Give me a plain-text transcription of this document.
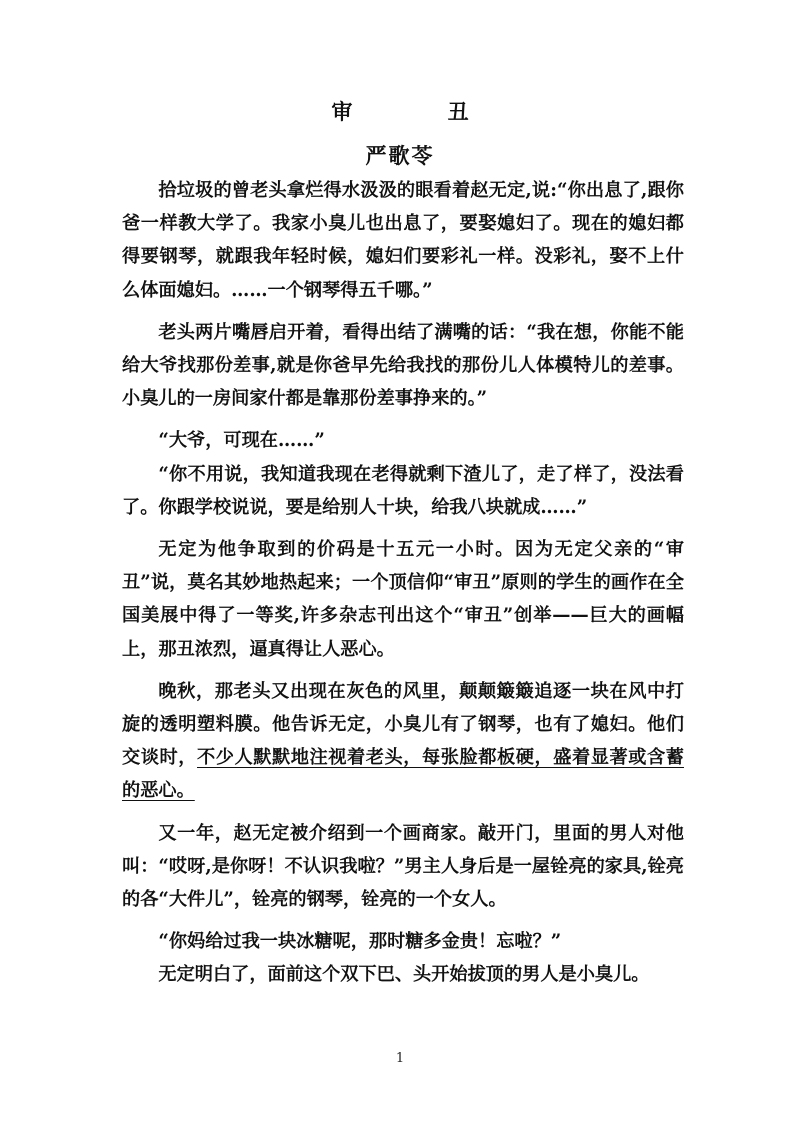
审 丑
严歌苓

拾垃圾的曾老头拿烂得水汲汲的眼看着赵无定,说:“你出息了,跟你爸一样教大学了。我家小臭儿也出息了，要娶媳妇了。现在的媳妇都得要钢琴，就跟我年轻时候，媳妇们要彩礼一样。没彩礼，娶不上什么体面媳妇。……一个钢琴得五千哪。”

老头两片嘴唇启开着，看得出结了满嘴的话：“我在想，你能不能给大爷找那份差事,就是你爸早先给我找的那份儿人体模特儿的差事。小臭儿的一房间家什都是靠那份差事挣来的。”

“大爷，可现在……”

“你不用说，我知道我现在老得就剩下渣儿了，走了样了，没法看了。你跟学校说说，要是给别人十块，给我八块就成……”

无定为他争取到的价码是十五元一小时。因为无定父亲的“审丑”说，莫名其妙地热起来；一个顶信仰“审丑”原则的学生的画作在全国美展中得了一等奖,许多杂志刊出这个“审丑”创举——巨大的画幅上，那丑浓烈，逼真得让人恶心。

晚秋，那老头又出现在灰色的风里，颠颠簸簸追逐一块在风中打旋的透明塑料膜。他告诉无定，小臭儿有了钢琴，也有了媳妇。他们交谈时，不少人默默地注视着老头，每张脸都板硬，盛着显著或含蓄的恶心。

又一年，赵无定被介绍到一个画商家。敲开门，里面的男人对他叫：“哎呀,是你呀！不认识我啦？”男主人身后是一屋铨亮的家具,铨亮的各“大件儿”，铨亮的钢琴，铨亮的一个女人。

“你妈给过我一块冰糖呢，那时糖多金贵！忘啦？”

无定明白了，面前这个双下巴、头开始拔顶的男人是小臭儿。

1
